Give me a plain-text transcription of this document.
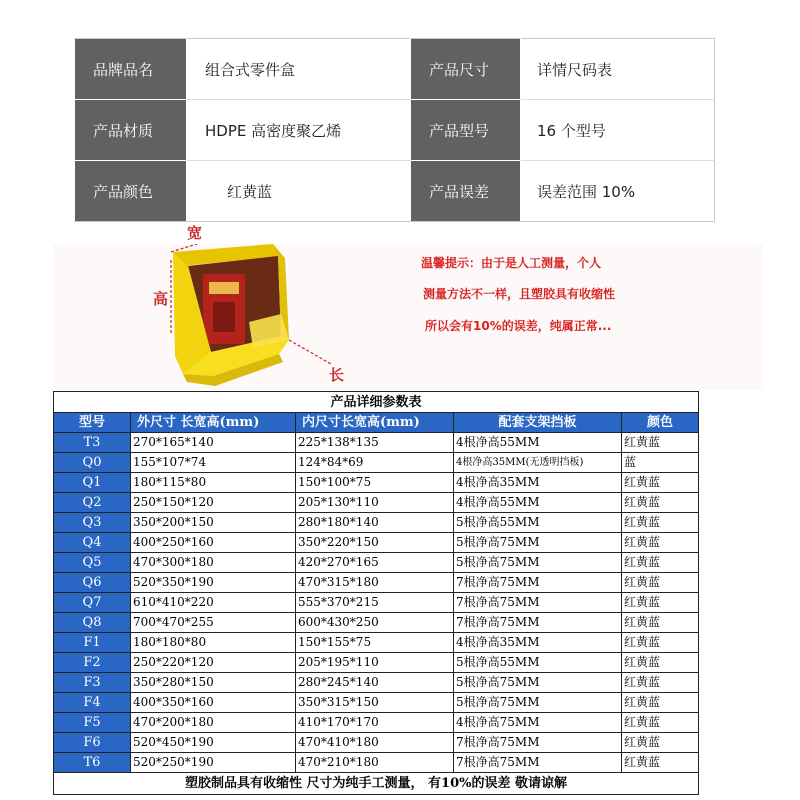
品牌品名	组合式零件盒	产品尺寸	详情尺码表
产品材质	HDPE 高密度聚乙烯	产品型号	16 个型号
产品颜色	红黄蓝	产品误差	误差范围 10%
宽
高
长
温馨提示：由于是人工测量，个人
测量方法不一样，且塑胶具有收缩性
所以会有10%的误差，纯属正常...
产品详细参数表				
型号	外尺寸 长宽高(mm)	内尺寸长宽高(mm)	配套支架挡板	颜色
T3	270*165*140	225*138*135	4根净高55MM	红黄蓝
Q0	155*107*74	124*84*69	4根净高35MM(无透明挡板)	蓝
Q1	180*115*80	150*100*75	4根净高35MM	红黄蓝
Q2	250*150*120	205*130*110	4根净高55MM	红黄蓝
Q3	350*200*150	280*180*140	5根净高55MM	红黄蓝
Q4	400*250*160	350*220*150	5根净高75MM	红黄蓝
Q5	470*300*180	420*270*165	5根净高75MM	红黄蓝
Q6	520*350*190	470*315*180	7根净高75MM	红黄蓝
Q7	610*410*220	555*370*215	7根净高75MM	红黄蓝
Q8	700*470*255	600*430*250	7根净高75MM	红黄蓝
F1	180*180*80	150*155*75	4根净高35MM	红黄蓝
F2	250*220*120	205*195*110	5根净高55MM	红黄蓝
F3	350*280*150	280*245*140	5根净高75MM	红黄蓝
F4	400*350*160	350*315*150	5根净高75MM	红黄蓝
F5	470*200*180	410*170*170	4根净高75MM	红黄蓝
F6	520*450*190	470*410*180	7根净高75MM	红黄蓝
T6	520*250*190	470*210*180	7根净高75MM	红黄蓝
塑胶制品具有收缩性 尺寸为纯手工测量， 有10%的误差 敬请谅解				
